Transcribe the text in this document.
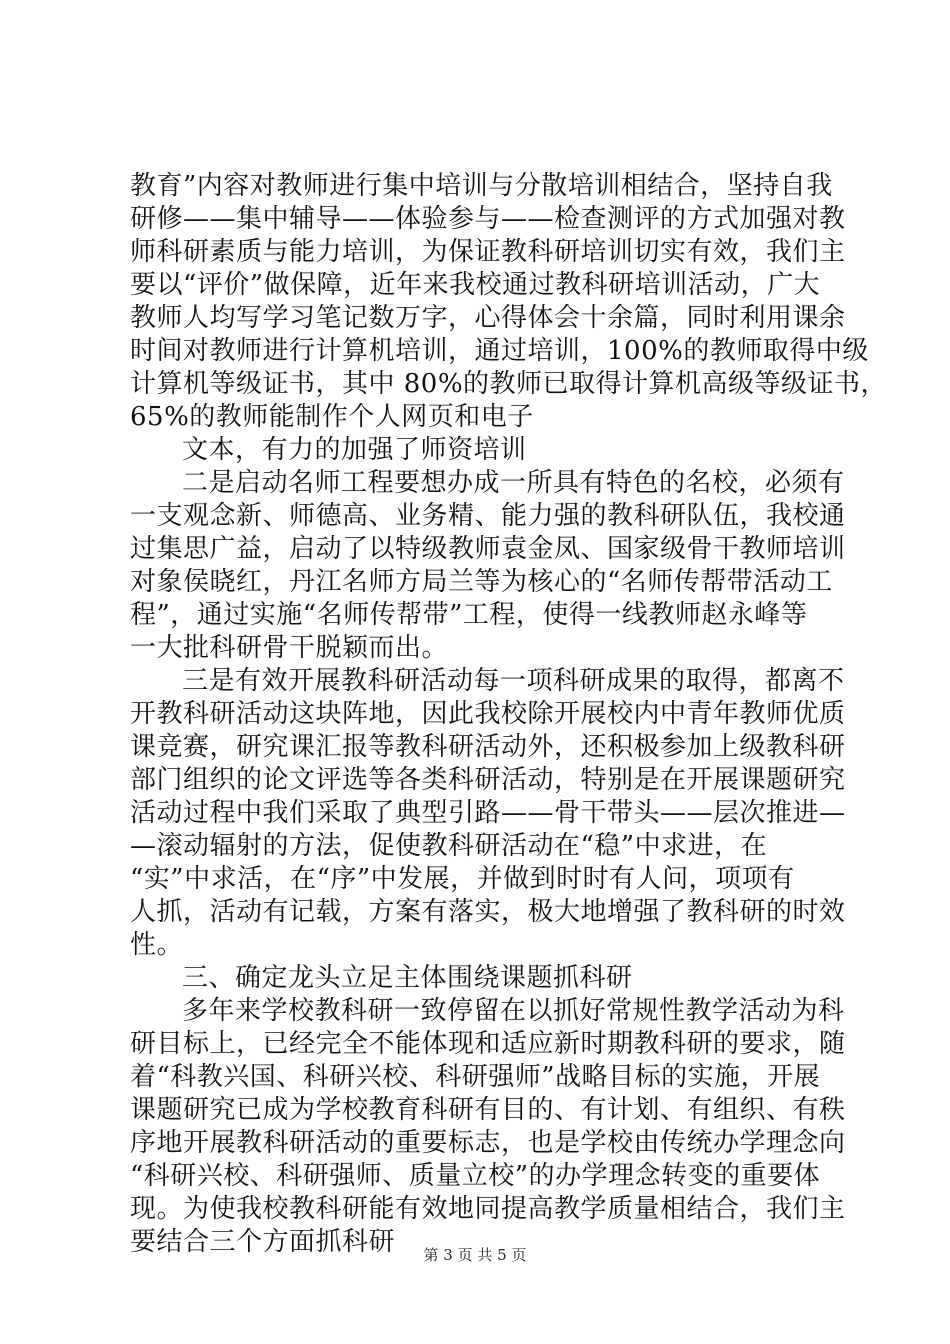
教育”内容对教师进行集中培训与分散培训相结合，坚持自我
研修——集中辅导——体验参与——检查测评的方式加强对教
师科研素质与能力培训，为保证教科研培训切实有效，我们主
要以“评价”做保障，近年来我校通过教科研培训活动，广大
教师人均写学习笔记数万字，心得体会十余篇，同时利用课余
时间对教师进行计算机培训，通过培训，100%的教师取得中级
计算机等级证书，其中 80%的教师已取得计算机高级等级证书，
65%的教师能制作个人网页和电子
文本，有力的加强了师资培训
二是启动名师工程要想办成一所具有特色的名校，必须有
一支观念新、师德高、业务精、能力强的教科研队伍，我校通
过集思广益，启动了以特级教师袁金凤、国家级骨干教师培训
对象侯晓红，丹江名师方局兰等为核心的“名师传帮带活动工
程”，通过实施“名师传帮带”工程，使得一线教师赵永峰等
一大批科研骨干脱颖而出。
三是有效开展教科研活动每一项科研成果的取得，都离不
开教科研活动这块阵地，因此我校除开展校内中青年教师优质
课竞赛，研究课汇报等教科研活动外，还积极参加上级教科研
部门组织的论文评选等各类科研活动，特别是在开展课题研究
活动过程中我们采取了典型引路——骨干带头——层次推进—
—滚动辐射的方法，促使教科研活动在“稳”中求进，在
“实”中求活，在“序”中发展，并做到时时有人问，项项有
人抓，活动有记载，方案有落实，极大地增强了教科研的时效
性。
三、确定龙头立足主体围绕课题抓科研
多年来学校教科研一致停留在以抓好常规性教学活动为科
研目标上，已经完全不能体现和适应新时期教科研的要求，随
着“科教兴国、科研兴校、科研强师”战略目标的实施，开展
课题研究已成为学校教育科研有目的、有计划、有组织、有秩
序地开展教科研活动的重要标志，也是学校由传统办学理念向
“科研兴校、科研强师、质量立校”的办学理念转变的重要体
现。为使我校教科研能有效地同提高教学质量相结合，我们主
要结合三个方面抓科研	第 3 页 共 5 页
